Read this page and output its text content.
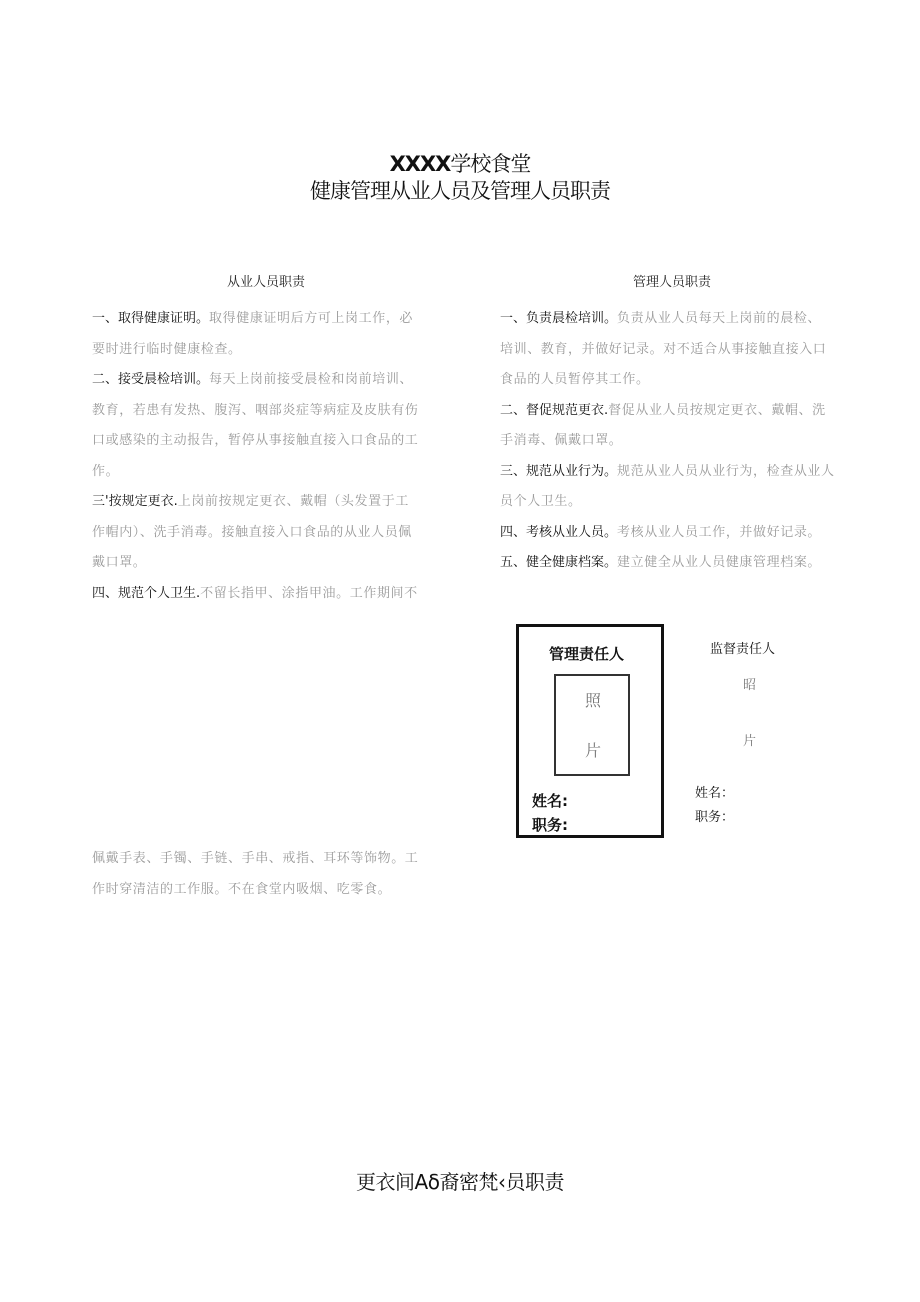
XXXX学校食堂
健康管理从业人员及管理人员职责
从业人员职责
一、取得健康证明。取得健康证明后方可上岗工作，必
要时进行临时健康检查。
二、接受晨检培训。每天上岗前接受晨检和岗前培训、
教育，若患有发热、腹泻、咽部炎症等病症及皮肤有伤
口或感染的主动报告，暂停从事接触直接入口食品的工
作。
三'按规定更衣.上岗前按规定更衣、戴帽（头发置于工
作帽内）、洗手消毒。接触直接入口食品的从业人员佩
戴口罩。
四、规范个人卫生.不留长指甲、涂指甲油。工作期间不
佩戴手表、手镯、手链、手串、戒指、耳环等饰物。工
作时穿清洁的工作服。不在食堂内吸烟、吃零食。
管理人员职责
一、负责晨检培训。负责从业人员每天上岗前的晨检、
培训、教育，并做好记录。对不适合从事接触直接入口
食品的人员暂停其工作。
二、督促规范更衣.督促从业人员按规定更衣、戴帽、洗
手消毒、佩戴口罩。
三、规范从业行为。规范从业人员从业行为，检查从业人
员个人卫生。
四、考核从业人员。考核从业人员工作，并做好记录。
五、健全健康档案。建立健全从业人员健康管理档案。
管理责任人
照
片
姓名:
职务:
监督责任人
昭
片
姓名：
职务：
更衣间Aδ裔密梵‹员职责
